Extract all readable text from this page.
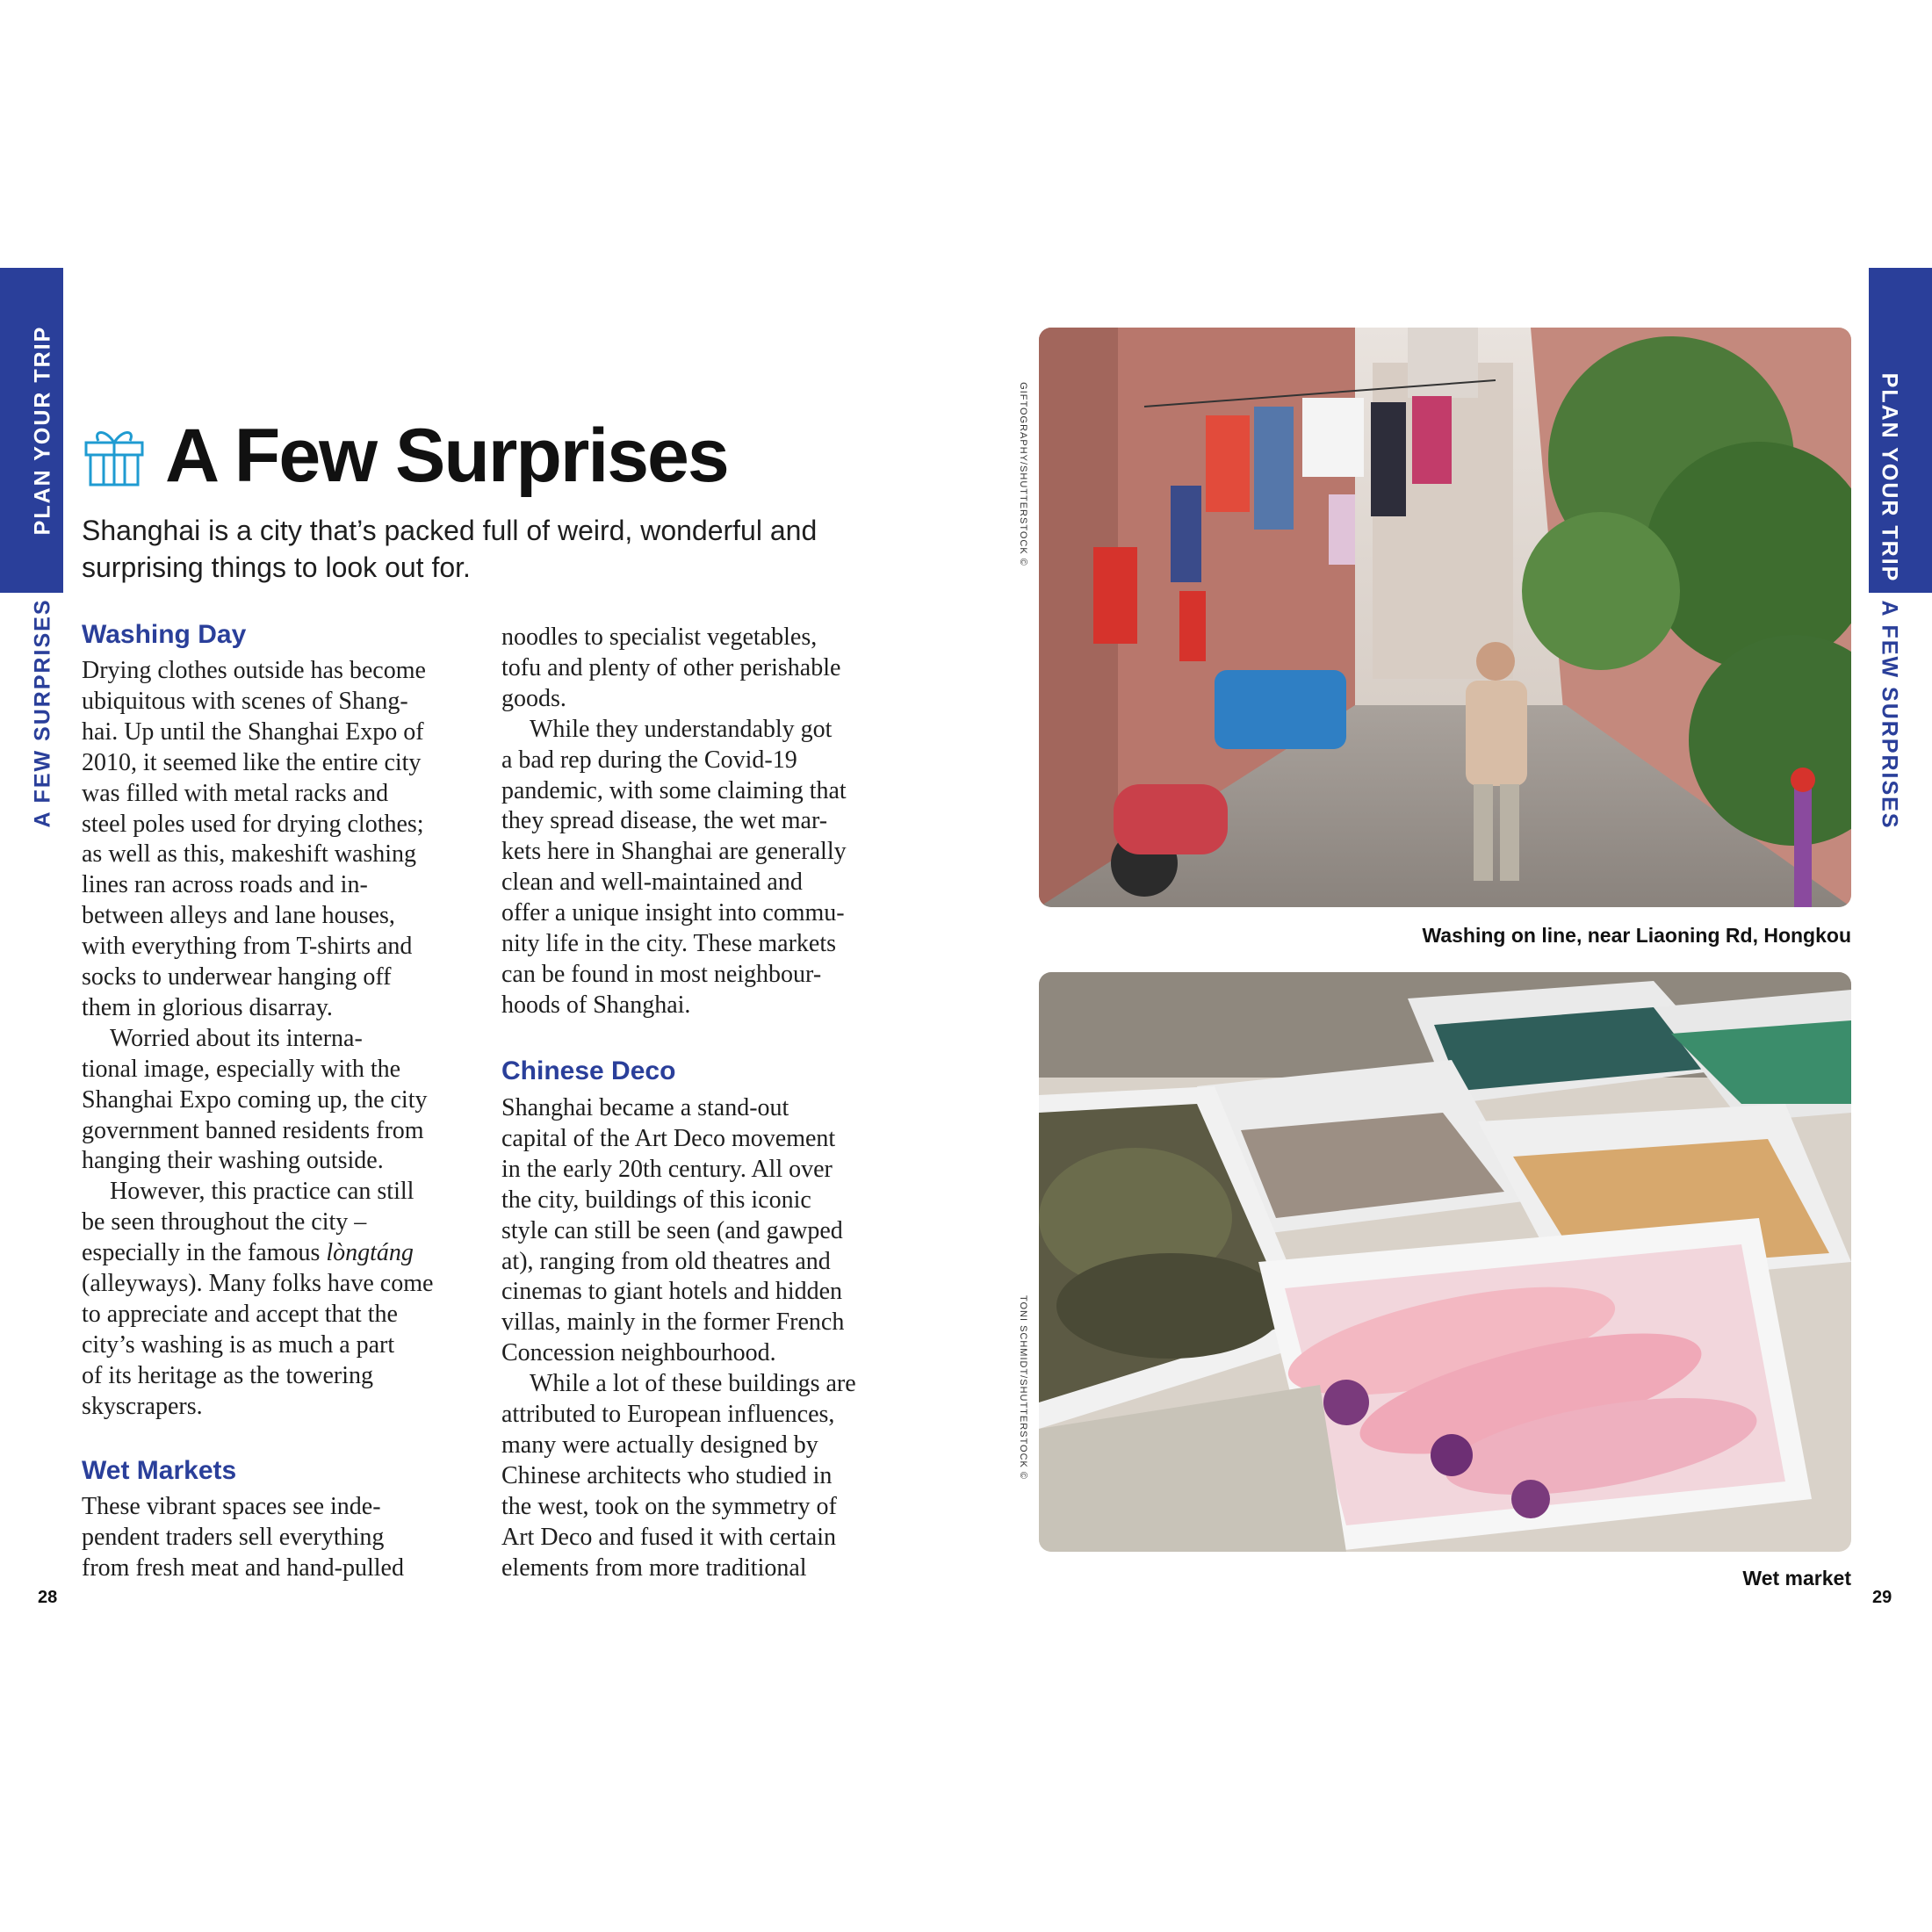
PLAN YOUR TRIP
A FEW SURPRISES
PLAN YOUR TRIP
A FEW SURPRISES
A Few Surprises
Shanghai is a city that’s packed full of weird, wonderful and surprising things to look out for.
Washing Day
Drying clothes outside has become
ubiquitous with scenes of Shang-
hai. Up until the Shanghai Expo of
2010, it seemed like the entire city
was filled with metal racks and
steel poles used for drying clothes;
as well as this, makeshift washing
lines ran across roads and in-
between alleys and lane houses,
with everything from T-shirts and
socks to underwear hanging off
them in glorious disarray.
Worried about its interna-
tional image, especially with the
Shanghai Expo coming up, the city
government banned residents from
hanging their washing outside.
However, this practice can still
be seen throughout the city –
especially in the famous lòngtáng
(alleyways). Many folks have come
to appreciate and accept that the
city’s washing is as much a part
of its heritage as the towering
skyscrapers.
Wet Markets
These vibrant spaces see inde-
pendent traders sell everything
from fresh meat and hand-pulled
noodles to specialist vegetables,
tofu and plenty of other perishable
goods.
While they understandably got
a bad rep during the Covid-19
pandemic, with some claiming that
they spread disease, the wet mar-
kets here in Shanghai are generally
clean and well-maintained and
offer a unique insight into commu-
nity life in the city. These markets
can be found in most neighbour-
hoods of Shanghai.
Chinese Deco
Shanghai became a stand-out
capital of the Art Deco movement
in the early 20th century. All over
the city, buildings of this iconic
style can still be seen (and gawped
at), ranging from old theatres and
cinemas to giant hotels and hidden
villas, mainly in the former French
Concession neighbourhood.
While a lot of these buildings are
attributed to European influences,
many were actually designed by
Chinese architects who studied in
the west, took on the symmetry of
Art Deco and fused it with certain
elements from more traditional
28	29
GIFTOGRAPHY/SHUTTERSTOCK ©
Washing on line, near Liaoning Rd, Hongkou
TONI SCHMIDT/SHUTTERSTOCK ©
Wet market
